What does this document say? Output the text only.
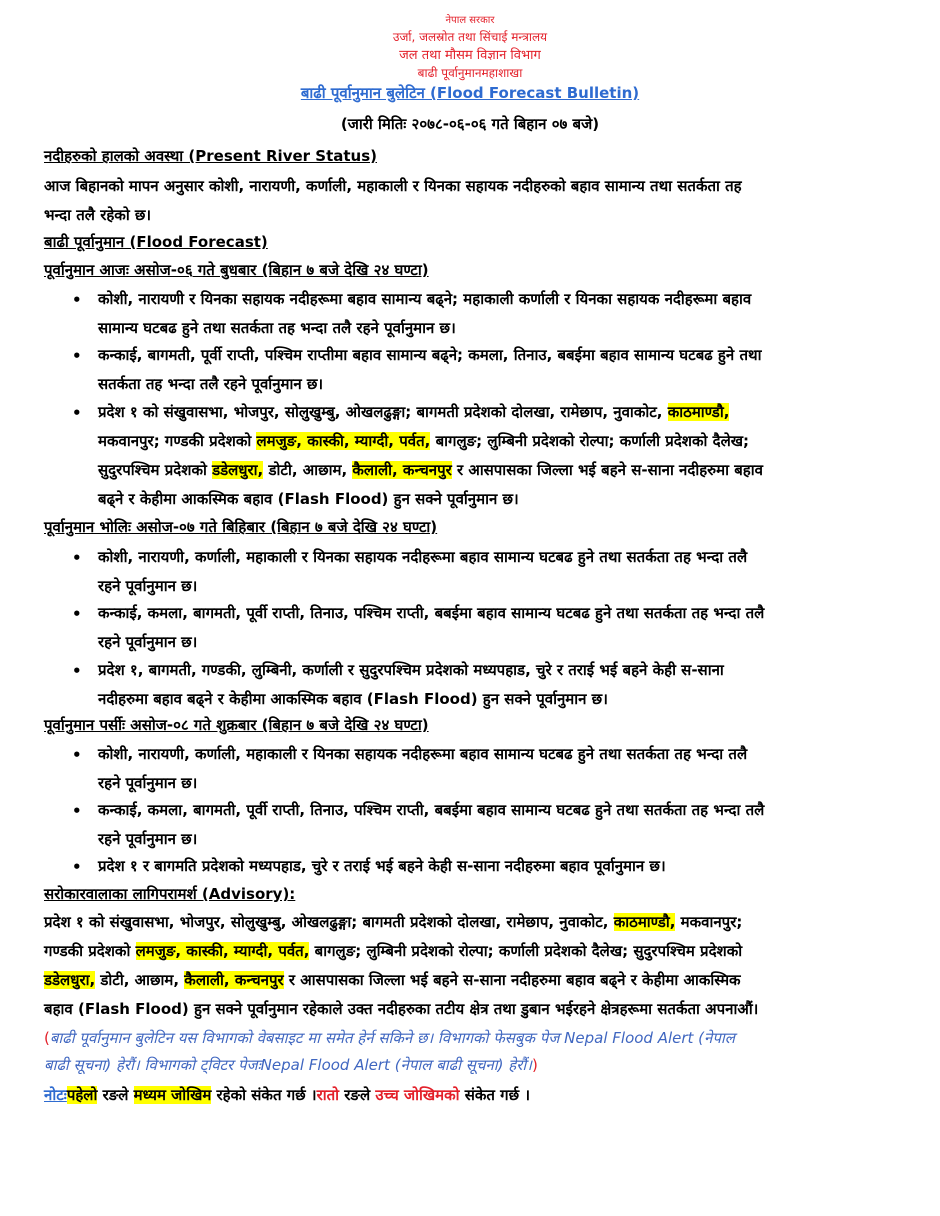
नेपाल सरकार
उर्जा, जलस्रोत तथा सिंचाई मन्त्रालय
जल तथा मौसम विज्ञान विभाग
बाढी पूर्वानुमानमहाशाखा
बाढी पूर्वानुमान बुलेटिन (Flood Forecast Bulletin)
(जारी मितिः २०७८-०६-०६ गते बिहान ०७ बजे)
नदीहरुको हालको अवस्था (Present River Status)
आज बिहानको मापन अनुसार कोशी, नारायणी, कर्णाली, महाकाली र यिनका सहायक नदीहरुको बहाव सामान्य तथा सतर्कता तह
भन्दा तलै रहेको छ।
बाढी पूर्वानुमान (Flood Forecast)
पूर्वानुमान आजः असोज-०६ गते बुधबार (बिहान ७ बजे देखि २४ घण्टा)
• कोशी, नारायणी र यिनका सहायक नदीहरूमा बहाव सामान्य बढ्ने; महाकाली कर्णाली र यिनका सहायक नदीहरूमा बहाव
सामान्य घटबढ हुने तथा सतर्कता तह भन्दा तलै रहने पूर्वानुमान छ।
• कन्काई, बागमती, पूर्वी राप्ती, पश्चिम राप्तीमा बहाव सामान्य बढ्ने; कमला, तिनाउ, बबईमा बहाव सामान्य घटबढ हुने तथा
सतर्कता तह भन्दा तलै रहने पूर्वानुमान छ।
• प्रदेश १ को संखुवासभा, भोजपुर, सोलुखुम्बु, ओखलढुङ्गा; बागमती प्रदेशको दोलखा, रामेछाप, नुवाकोट, काठमाण्डौ,
मकवानपुर; गण्डकी प्रदेशको लमजुङ, कास्की, म्याग्दी, पर्वत, बागलुङ; लुम्बिनी प्रदेशको रोल्पा; कर्णाली प्रदेशको दैलेख;
सुदुरपश्चिम प्रदेशको डडेलधुरा, डोटी, आछाम, कैलाली, कन्चनपुर र आसपासका जिल्ला भई बहने स-साना नदीहरुमा बहाव
बढ्ने र केहीमा आकस्मिक बहाव (Flash Flood) हुन सक्ने पूर्वानुमान छ।
पूर्वानुमान भोलिः असोज-०७ गते बिहिबार (बिहान ७ बजे देखि २४ घण्टा)
• कोशी, नारायणी, कर्णाली, महाकाली र यिनका सहायक नदीहरूमा बहाव सामान्य घटबढ हुने तथा सतर्कता तह भन्दा तलै
रहने पूर्वानुमान छ।
• कन्काई, कमला, बागमती, पूर्वी राप्ती, तिनाउ, पश्चिम राप्ती, बबईमा बहाव सामान्य घटबढ हुने तथा सतर्कता तह भन्दा तलै
रहने पूर्वानुमान छ।
• प्रदेश १, बागमती, गण्डकी, लुम्बिनी, कर्णाली र सुदुरपश्चिम प्रदेशको मध्यपहाड, चुरे र तराई भई बहने केही स-साना
नदीहरुमा बहाव बढ्ने र केहीमा आकस्मिक बहाव (Flash Flood) हुन सक्ने पूर्वानुमान छ।
पूर्वानुमान पर्सीः असोज-०८ गते शुक्रबार (बिहान ७ बजे देखि २४ घण्टा)
• कोशी, नारायणी, कर्णाली, महाकाली र यिनका सहायक नदीहरूमा बहाव सामान्य घटबढ हुने तथा सतर्कता तह भन्दा तलै
रहने पूर्वानुमान छ।
• कन्काई, कमला, बागमती, पूर्वी राप्ती, तिनाउ, पश्चिम राप्ती, बबईमा बहाव सामान्य घटबढ हुने तथा सतर्कता तह भन्दा तलै
रहने पूर्वानुमान छ।
• प्रदेश १ र बागमति प्रदेशको मध्यपहाड, चुरे र तराई भई बहने केही स-साना नदीहरुमा बहाव पूर्वानुमान छ।
सरोकारवालाका लागिपरामर्श (Advisory):
प्रदेश १ को संखुवासभा, भोजपुर, सोलुखुम्बु, ओखलढुङ्गा; बागमती प्रदेशको दोलखा, रामेछाप, नुवाकोट, काठमाण्डौ, मकवानपुर;
गण्डकी प्रदेशको लमजुङ, कास्की, म्याग्दी, पर्वत, बागलुङ; लुम्बिनी प्रदेशको रोल्पा; कर्णाली प्रदेशको दैलेख; सुदुरपश्चिम प्रदेशको
डडेलधुरा, डोटी, आछाम, कैलाली, कन्चनपुर र आसपासका जिल्ला भई बहने स-साना नदीहरुमा बहाव बढ्ने र केहीमा आकस्मिक
बहाव (Flash Flood) हुन सक्ने पूर्वानुमान रहेकाले उक्त नदीहरुका तटीय क्षेत्र तथा डुबान भईरहने क्षेत्रहरूमा सतर्कता अपनाऔं।
(बाढी पूर्वानुमान बुलेटिन यस विभागको वेबसाइट मा समेत हेर्न सकिने छ। विभागको फेसबुक पेज Nepal Flood Alert (नेपाल
बाढी सूचना) हेरौं। विभागको ट्विटर पेजःNepal Flood Alert (नेपाल बाढी सूचना) हेरौं।)
नोटःपहेलो रङले मध्यम जोखिम रहेको संकेत गर्छ ।रातो रङले उच्च जोखिमको संकेत गर्छ ।
